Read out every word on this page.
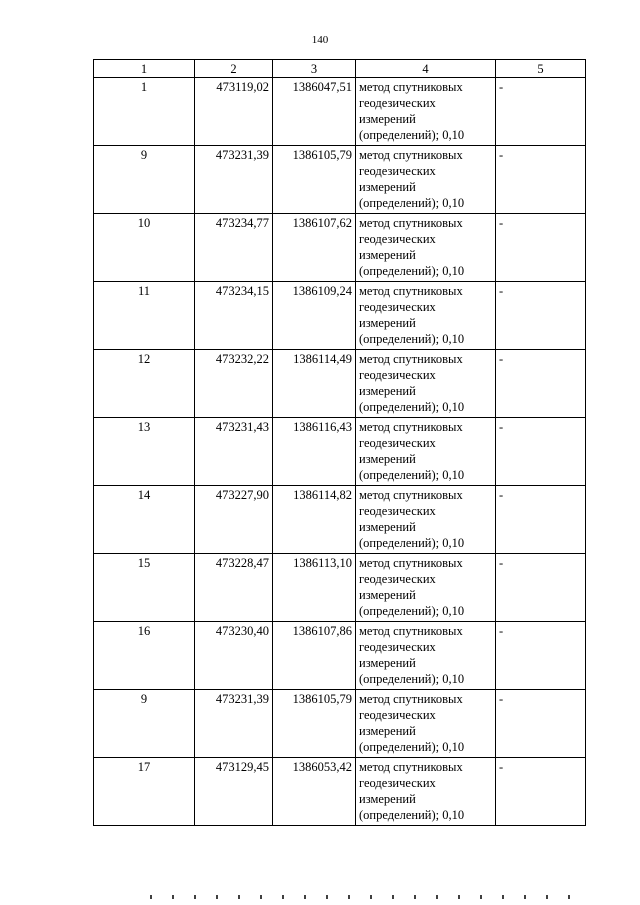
140
1	2	3	4	5
1	473119,02	1386047,51	метод спутниковых геодезических измерений (определений); 0,10	-
9	473231,39	1386105,79	метод спутниковых геодезических измерений (определений); 0,10	-
10	473234,77	1386107,62	метод спутниковых геодезических измерений (определений); 0,10	-
11	473234,15	1386109,24	метод спутниковых геодезических измерений (определений); 0,10	-
12	473232,22	1386114,49	метод спутниковых геодезических измерений (определений); 0,10	-
13	473231,43	1386116,43	метод спутниковых геодезических измерений (определений); 0,10	-
14	473227,90	1386114,82	метод спутниковых геодезических измерений (определений); 0,10	-
15	473228,47	1386113,10	метод спутниковых геодезических измерений (определений); 0,10	-
16	473230,40	1386107,86	метод спутниковых геодезических измерений (определений); 0,10	-
9	473231,39	1386105,79	метод спутниковых геодезических измерений (определений); 0,10	-
17	473129,45	1386053,42	метод спутниковых геодезических измерений (определений); 0,10	-
